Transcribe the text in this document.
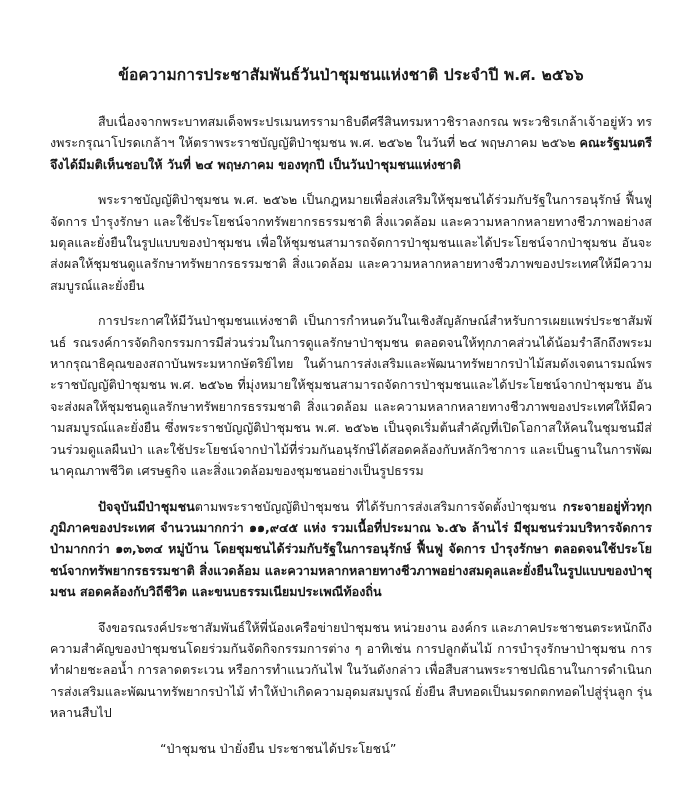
ข้อความการประชาสัมพันธ์วันป่าชุมชนแห่งชาติ ประจำปี พ.ศ. ๒๕๖๖

สืบเนื่องจากพระบาทสมเด็จพระปรเมนทรรามาธิบดีศรีสินทรมหาวชิราลงกรณ พระวชิรเกล้าเจ้าอยู่หัว ทรงพระกรุณาโปรดเกล้าฯ ให้ตราพระราชบัญญัติป่าชุมชน พ.ศ. ๒๕๖๒ ในวันที่ ๒๔ พฤษภาคม ๒๕๖๒ คณะรัฐมนตรีจึงได้มีมติเห็นชอบให้ วันที่ ๒๔ พฤษภาคม ของทุกปี เป็นวันป่าชุมชนแห่งชาติ

พระราชบัญญัติป่าชุมชน พ.ศ. ๒๕๖๒ เป็นกฎหมายเพื่อส่งเสริมให้ชุมชนได้ร่วมกับรัฐในการอนุรักษ์ ฟื้นฟู จัดการ บำรุงรักษา และใช้ประโยชน์จากทรัพยากรธรรมชาติ สิ่งแวดล้อม และความหลากหลายทางชีวภาพอย่างสมดุลและยั่งยืนในรูปแบบของป่าชุมชน เพื่อให้ชุมชนสามารถจัดการป่าชุมชนและได้ประโยชน์จากป่าชุมชน อันจะส่งผลให้ชุมชนดูแลรักษาทรัพยากรธรรมชาติ สิ่งแวดล้อม และความหลากหลายทางชีวภาพของประเทศให้มีความสมบูรณ์และยั่งยืน

การประกาศให้มีวันป่าชุมชนแห่งชาติ เป็นการกำหนดวันในเชิงสัญลักษณ์สำหรับการเผยแพร่ประชาสัมพันธ์ รณรงค์การจัดกิจกรรมการมีส่วนร่วมในการดูแลรักษาป่าชุมชน ตลอดจนให้ทุกภาคส่วนได้น้อมรำลึกถึงพระมหากรุณาธิคุณของสถาบันพระมหากษัตริย์ไทย ในด้านการส่งเสริมและพัฒนาทรัพยากรป่าไม้สมดังเจตนารมณ์พระราชบัญญัติป่าชุมชน พ.ศ. ๒๕๖๒ ที่มุ่งหมายให้ชุมชนสามารถจัดการป่าชุมชนและได้ประโยชน์จากป่าชุมชน อันจะส่งผลให้ชุมชนดูแลรักษาทรัพยากรธรรมชาติ สิ่งแวดล้อม และความหลากหลายทางชีวภาพของประเทศให้มีความสมบูรณ์และยั่งยืน ซึ่งพระราชบัญญัติป่าชุมชน พ.ศ. ๒๕๖๒ เป็นจุดเริ่มต้นสำคัญที่เปิดโอกาสให้คนในชุมชนมีส่วนร่วมดูแลผืนป่า และใช้ประโยชน์จากป่าไม้ที่ร่วมกันอนุรักษ์ได้สอดคล้องกับหลักวิชาการ และเป็นฐานในการพัฒนาคุณภาพชีวิต เศรษฐกิจ และสิ่งแวดล้อมของชุมชนอย่างเป็นรูปธรรม

ปัจจุบันมีป่าชุมชนตามพระราชบัญญัติป่าชุมชน ที่ได้รับการส่งเสริมการจัดตั้งป่าชุมชน กระจายอยู่ทั่วทุกภูมิภาคของประเทศ จำนวนมากกว่า ๑๑,๙๔๕ แห่ง รวมเนื้อที่ประมาณ ๖.๕๖ ล้านไร่ มีชุมชนร่วมบริหารจัดการป่ามากกว่า ๑๓,๖๓๔ หมู่บ้าน โดยชุมชนได้ร่วมกับรัฐในการอนุรักษ์ ฟื้นฟู จัดการ บำรุงรักษา ตลอดจนใช้ประโยชน์จากทรัพยากรธรรมชาติ สิ่งแวดล้อม และความหลากหลายทางชีวภาพอย่างสมดุลและยั่งยืนในรูปแบบของป่าชุมชน สอดคล้องกับวิถีชีวิต และขนบธรรมเนียมประเพณีท้องถิ่น

จึงขอรณรงค์ประชาสัมพันธ์ให้พี่น้องเครือข่ายป่าชุมชน หน่วยงาน องค์กร และภาคประชาชนตระหนักถึงความสำคัญของป่าชุมชนโดยร่วมกันจัดกิจกรรมการต่าง ๆ อาทิเช่น การปลูกต้นไม้ การบำรุงรักษาป่าชุมชน การทำฝายชะลอน้ำ การลาดตระเวน หรือการทำแนวกันไฟ ในวันดังกล่าว เพื่อสืบสานพระราชปณิธานในการดำเนินการส่งเสริมและพัฒนาทรัพยากรป่าไม้ ทำให้ป่าเกิดความอุดมสมบูรณ์ ยั่งยืน สืบทอดเป็นมรดกตกทอดไปสู่รุ่นลูก รุ่นหลานสืบไป

“ป่าชุมชน ป่ายั่งยืน ประชาชนได้ประโยชน์”
